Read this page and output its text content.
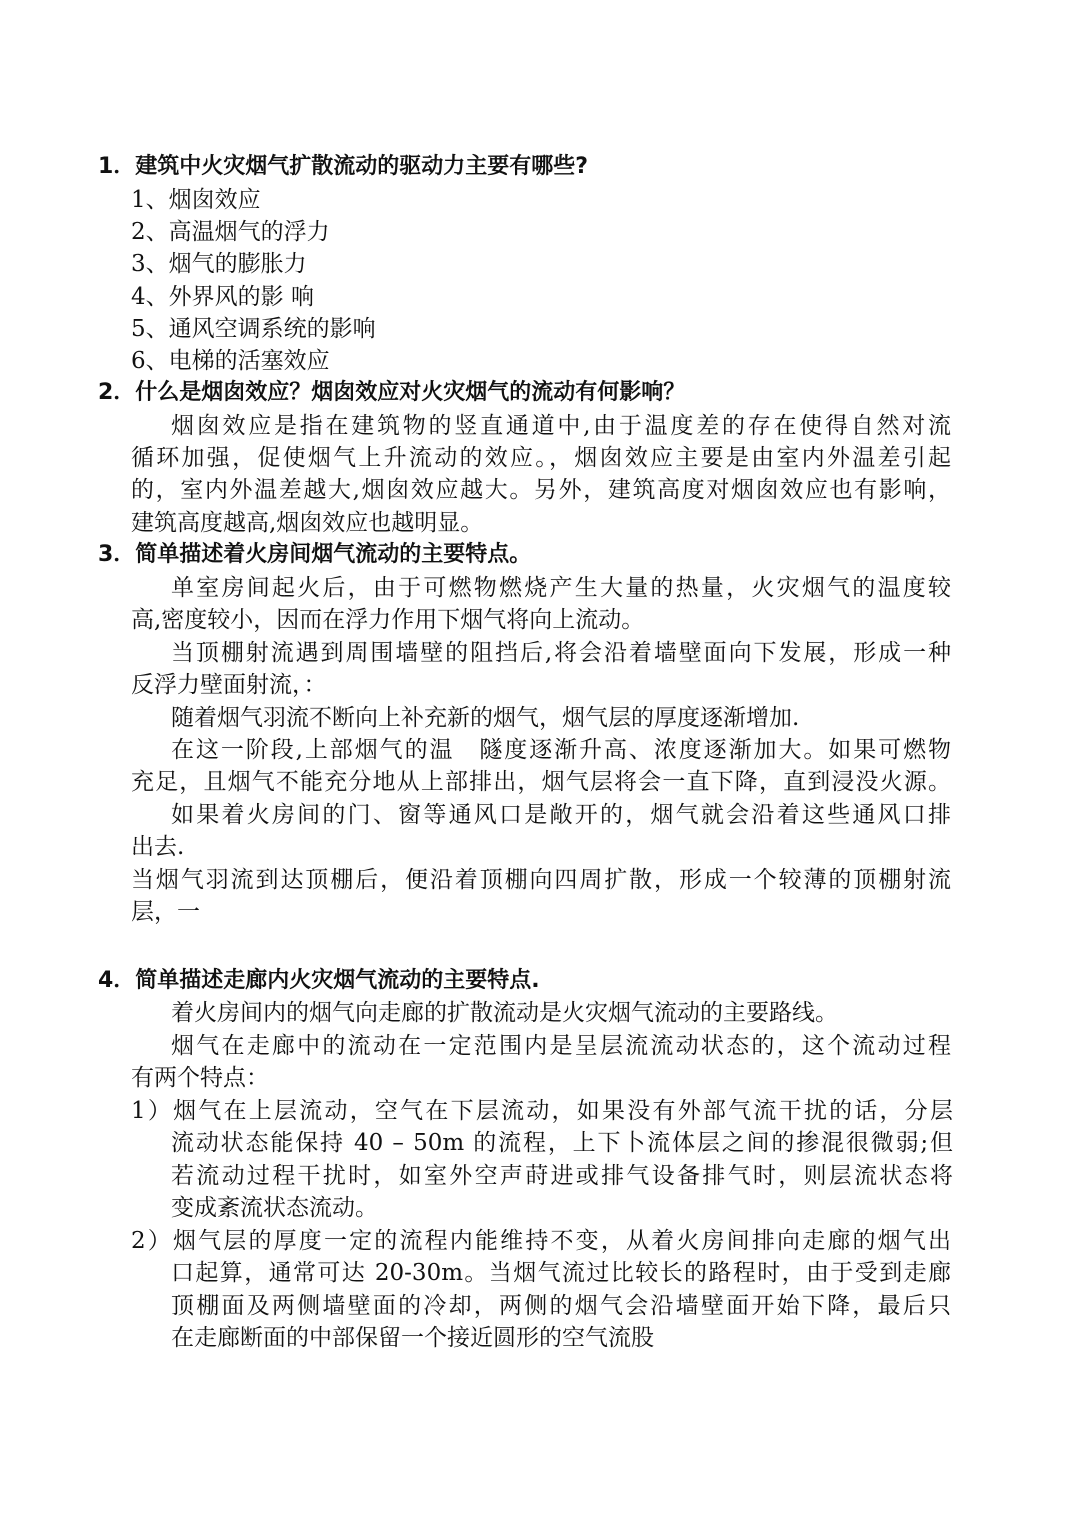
1．建筑中火灾烟气扩散流动的驱动力主要有哪些?
1、烟囱效应
2、高温烟气的浮力
3、烟气的膨胀力
4、外界风的影 响
5、通风空调系统的影响
6、电梯的活塞效应
2．什么是烟囱效应？烟囱效应对火灾烟气的流动有何影响？
烟囱效应是指在建筑物的竖直通道中,由于温度差的存在使得自然对流
循环加强，促使烟气上升流动的效应。，烟囱效应主要是由室内外温差引起
的，室内外温差越大,烟囱效应越大。另外，建筑高度对烟囱效应也有影响，
建筑高度越高,烟囱效应也越明显。
3．简单描述着火房间烟气流动的主要特点。
单室房间起火后，由于可燃物燃烧产生大量的热量，火灾烟气的温度较
高,密度较小，因而在浮力作用下烟气将向上流动。
当顶棚射流遇到周围墙壁的阻挡后,将会沿着墙壁面向下发展，形成一种
反浮力壁面射流，：
随着烟气羽流不断向上补充新的烟气，烟气层的厚度逐渐增加.
在这一阶段,上部烟气的温　隧度逐渐升高、浓度逐渐加大。如果可燃物
充足，且烟气不能充分地从上部排出，烟气层将会一直下降，直到浸没火源。
如果着火房间的门、窗等通风口是敞开的，烟气就会沿着这些通风口排
出去.
当烟气羽流到达顶棚后，便沿着顶棚向四周扩散，形成一个较薄的顶棚射流
层，一
4．简单描述走廊内火灾烟气流动的主要特点.
着火房间内的烟气向走廊的扩散流动是火灾烟气流动的主要路线。
烟气在走廊中的流动在一定范围内是呈层流流动状态的，这个流动过程
有两个特点：
1）烟气在上层流动，空气在下层流动，如果没有外部气流干扰的话，分层
流动状态能保持 40 – 50m 的流程，上下卜流体层之间的掺混很微弱;但
若流动过程干扰时，如室外空声莳进或排气设备排气时，则层流状态将
变成紊流状态流动。
2）烟气层的厚度一定的流程内能维持不变，从着火房间排向走廊的烟气出
口起算，通常可达 20-30m。当烟气流过比较长的路程时，由于受到走廊
顶棚面及两侧墙壁面的冷却，两侧的烟气会沿墙壁面开始下降，最后只
在走廊断面的中部保留一个接近圆形的空气流股
